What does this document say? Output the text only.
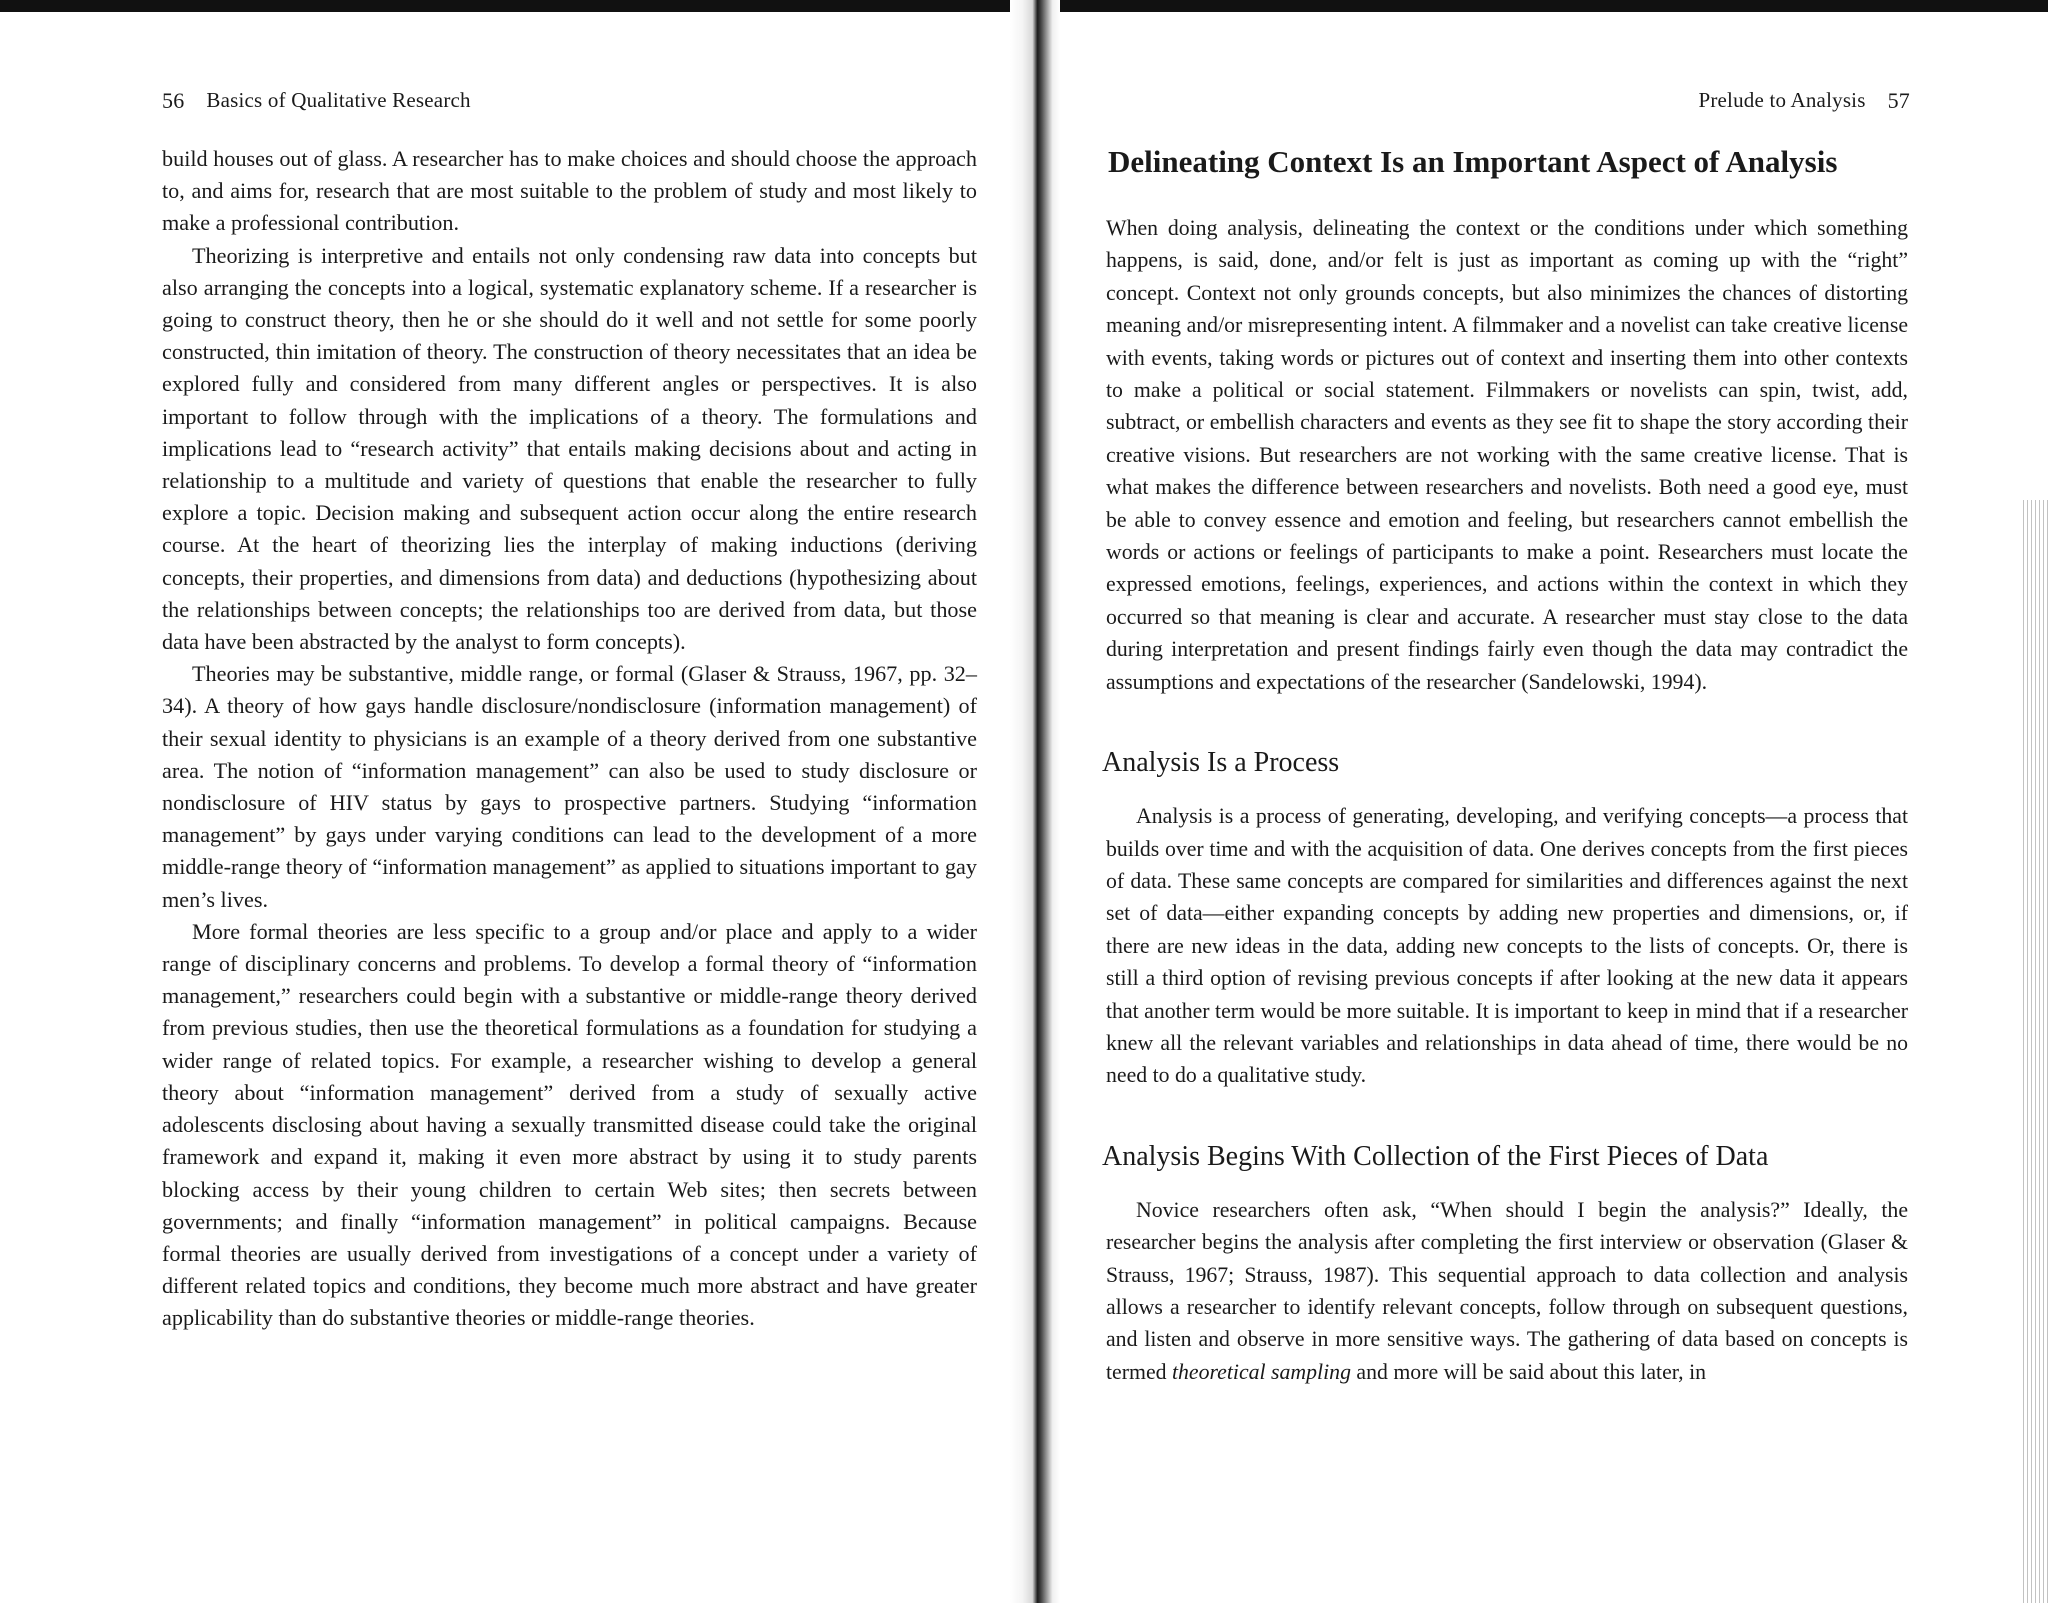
56 Basics of Qualitative Research

build houses out of glass. A researcher has to make choices and should choose the approach to, and aims for, research that are most suitable to the problem of study and most likely to make a professional contribution.

Theorizing is interpretive and entails not only condensing raw data into concepts but also arranging the concepts into a logical, systematic explanatory scheme. If a researcher is going to construct theory, then he or she should do it well and not settle for some poorly constructed, thin imitation of theory. The construction of theory necessitates that an idea be explored fully and considered from many different angles or perspectives. It is also important to follow through with the implications of a theory. The formulations and implications lead to “research activity” that entails making decisions about and acting in relationship to a multitude and variety of questions that enable the researcher to fully explore a topic. Decision making and subsequent action occur along the entire research course. At the heart of theorizing lies the interplay of making inductions (deriving concepts, their properties, and dimensions from data) and deductions (hypothesizing about the relationships between concepts; the relationships too are derived from data, but those data have been abstracted by the analyst to form concepts).

Theories may be substantive, middle range, or formal (Glaser & Strauss, 1967, pp. 32–34). A theory of how gays handle disclosure/nondisclosure (information management) of their sexual identity to physicians is an example of a theory derived from one substantive area. The notion of “information management” can also be used to study disclosure or nondisclosure of HIV status by gays to prospective partners. Studying “information management” by gays under varying conditions can lead to the development of a more middle-range theory of “information management” as applied to situations important to gay men’s lives.

More formal theories are less specific to a group and/or place and apply to a wider range of disciplinary concerns and problems. To develop a formal theory of “information management,” researchers could begin with a substantive or middle-range theory derived from previous studies, then use the theoretical formulations as a foundation for studying a wider range of related topics. For example, a researcher wishing to develop a general theory about “information management” derived from a study of sexually active adolescents disclosing about having a sexually transmitted disease could take the original framework and expand it, making it even more abstract by using it to study parents blocking access by their young children to certain Web sites; then secrets between governments; and finally “information management” in political campaigns. Because formal theories are usually derived from investigations of a concept under a variety of different related topics and conditions, they become much more abstract and have greater applicability than do substantive theories or middle-range theories.

Prelude to Analysis 57
Delineating Context Is an Important Aspect of Analysis

When doing analysis, delineating the context or the conditions under which something happens, is said, done, and/or felt is just as important as coming up with the “right” concept. Context not only grounds concepts, but also minimizes the chances of distorting meaning and/or misrepresenting intent. A filmmaker and a novelist can take creative license with events, taking words or pictures out of context and inserting them into other contexts to make a political or social statement. Filmmakers or novelists can spin, twist, add, subtract, or embellish characters and events as they see fit to shape the story according their creative visions. But researchers are not working with the same creative license. That is what makes the difference between researchers and novelists. Both need a good eye, must be able to convey essence and emotion and feeling, but researchers cannot embellish the words or actions or feelings of participants to make a point. Researchers must locate the expressed emotions, feelings, experiences, and actions within the context in which they occurred so that meaning is clear and accurate. A researcher must stay close to the data during interpretation and present findings fairly even though the data may contradict the assumptions and expectations of the researcher (Sandelowski, 1994).

Analysis Is a Process

Analysis is a process of generating, developing, and verifying concepts—a process that builds over time and with the acquisition of data. One derives concepts from the first pieces of data. These same concepts are compared for similarities and differences against the next set of data—either expanding concepts by adding new properties and dimensions, or, if there are new ideas in the data, adding new concepts to the lists of concepts. Or, there is still a third option of revising previous concepts if after looking at the new data it appears that another term would be more suitable. It is important to keep in mind that if a researcher knew all the relevant variables and relationships in data ahead of time, there would be no need to do a qualitative study.

Analysis Begins With Collection of the First Pieces of Data

Novice researchers often ask, “When should I begin the analysis?” Ideally, the researcher begins the analysis after completing the first interview or observation (Glaser & Strauss, 1967; Strauss, 1987). This sequential approach to data collection and analysis allows a researcher to identify relevant concepts, follow through on subsequent questions, and listen and observe in more sensitive ways. The gathering of data based on concepts is termed theoretical sampling and more will be said about this later, in
